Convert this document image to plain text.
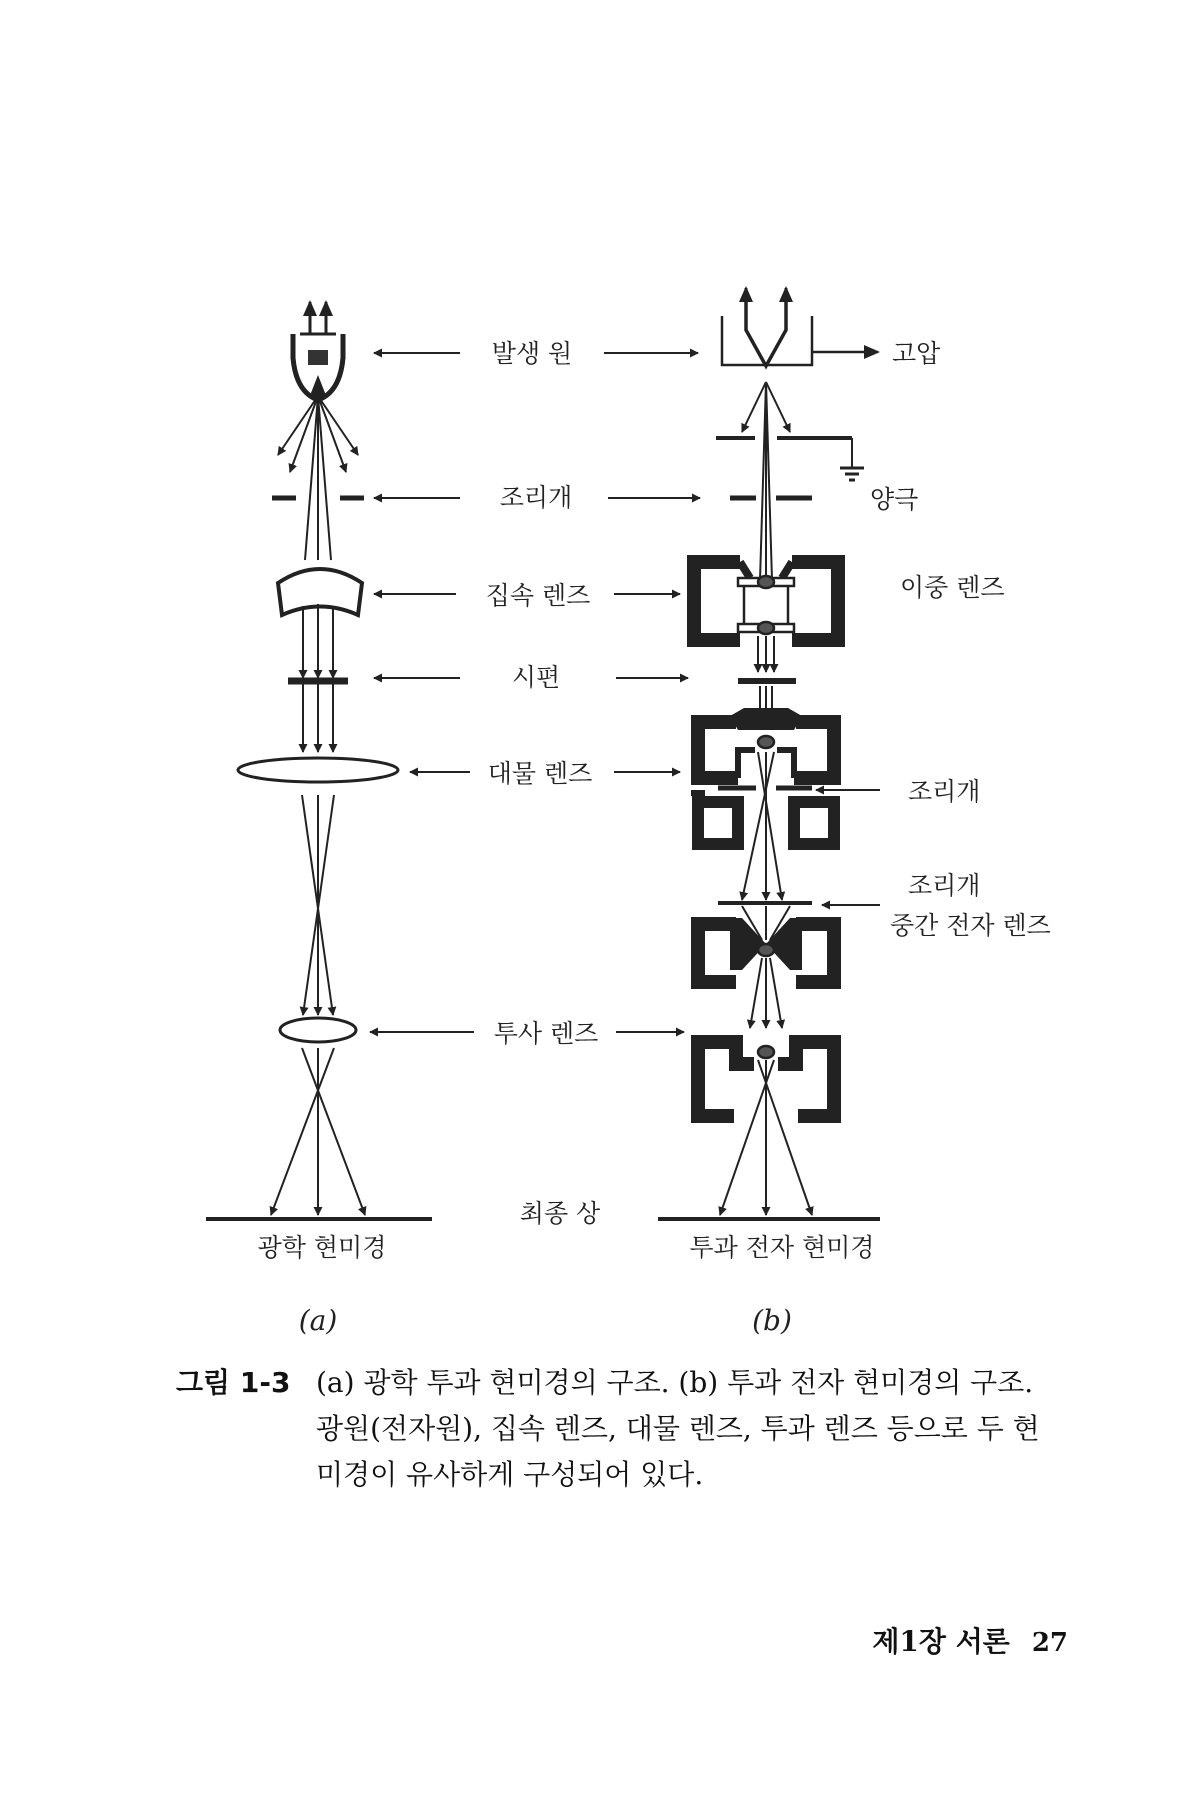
발생 원	고압
조리개	양극
집속 렌즈	이중 렌즈
시편
대물 렌즈
조리개
조리개
중간 전자 렌즈
투사 렌즈
최종 상
광학 현미경	투과 전자 현미경
(a)	(b)
그림 1-3 (a) 광학 투과 현미경의 구조. (b) 투과 전자 현미경의 구조.
광원(전자원), 집속 렌즈, 대물 렌즈, 투과 렌즈 등으로 두 현
미경이 유사하게 구성되어 있다.
제1장 서론 27
